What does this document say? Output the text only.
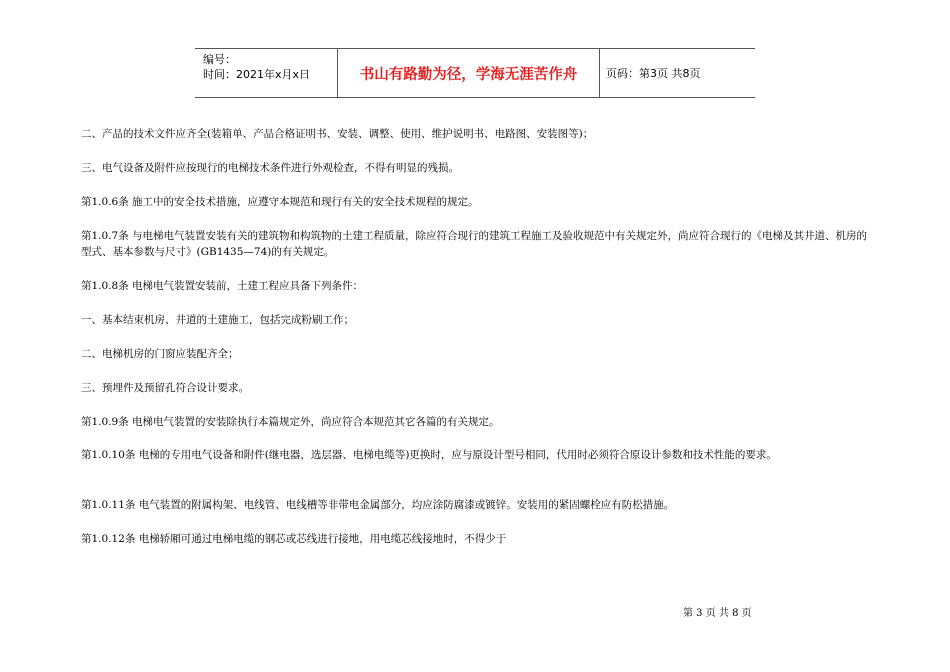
编号：
时间：2021年x月x日	书山有路勤为径，学海无涯苦作舟	页码：第3页 共8页
二、产品的技术文件应齐全(装箱单、产品合格证明书、安装、调整、使用、维护说明书、电路图、安装图等)；
三、电气设备及附件应按现行的电梯技术条件进行外观检查，不得有明显的残损。
第1.0.6条 施工中的安全技术措施，应遵守本规范和现行有关的安全技术规程的规定。
第1.0.7条 与电梯电气装置安装有关的建筑物和构筑物的土建工程质量，除应符合现行的建筑工程施工及验收规范中有关规定外，尚应符合现行的《电梯及其井道、机房的型式、基本参数与尺寸》(GB1435—74)的有关规定。
第1.0.8条 电梯电气装置安装前，土建工程应具备下列条件：
一、基本结束机房、井道的土建施工，包括完成粉刷工作；
二、电梯机房的门窗应装配齐全；
三、预埋件及预留孔符合设计要求。
第1.0.9条 电梯电气装置的安装除执行本篇规定外，尚应符合本规范其它各篇的有关规定。
第1.0.10条 电梯的专用电气设备和附件(继电器，选层器、电梯电缆等)更换时，应与原设计型号相同，代用时必须符合原设计参数和技术性能的要求。
第1.0.11条 电气装置的附属构架、电线管、电线槽等非带电金属部分，均应涂防腐漆或镀锌。安装用的紧固螺栓应有防松措施。
第1.0.12条 电梯轿厢可通过电梯电缆的钢芯或芯线进行接地，用电缆芯线接地时，不得少于
第 3 页 共 8 页
